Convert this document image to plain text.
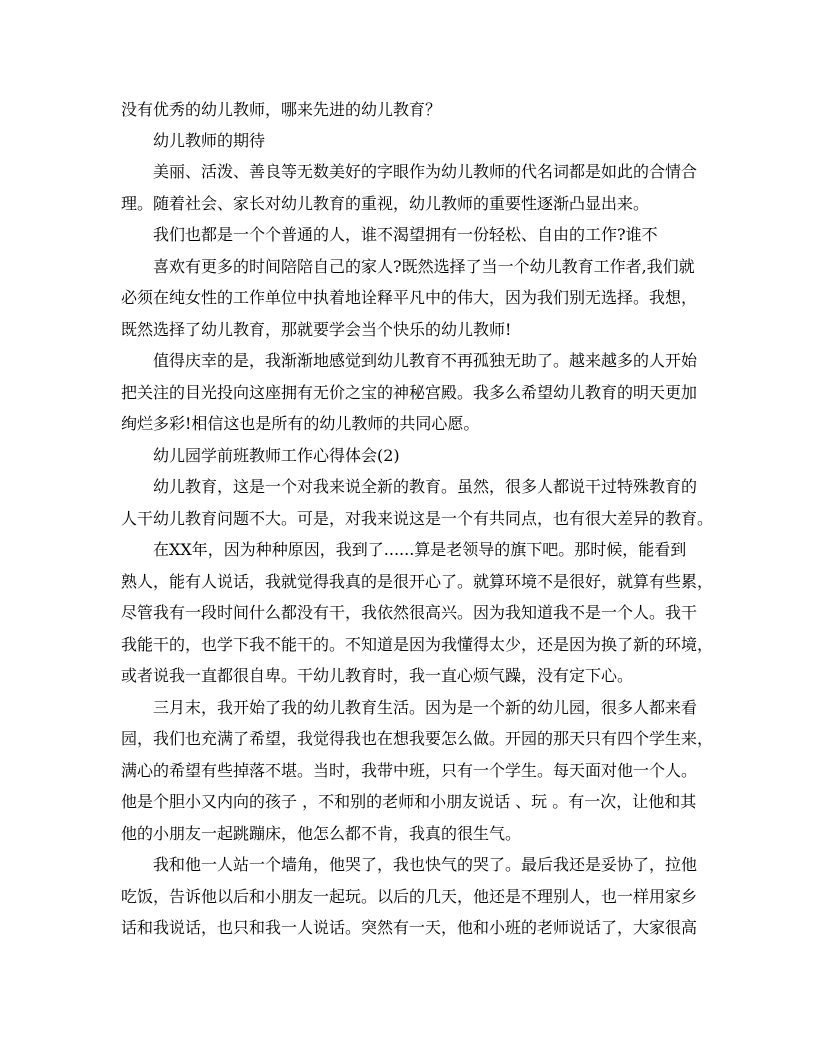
没有优秀的幼儿教师，哪来先进的幼儿教育？
幼儿教师的期待
美丽、活泼、善良等无数美好的字眼作为幼儿教师的代名词都是如此的合情合
理。随着社会、家长对幼儿教育的重视，幼儿教师的重要性逐渐凸显出来。
我们也都是一个个普通的人，谁不渴望拥有一份轻松、自由的工作?谁不
喜欢有更多的时间陪陪自己的家人?既然选择了当一个幼儿教育工作者,我们就
必须在纯女性的工作单位中执着地诠释平凡中的伟大，因为我们别无选择。我想，
既然选择了幼儿教育，那就要学会当个快乐的幼儿教师!
值得庆幸的是，我渐渐地感觉到幼儿教育不再孤独无助了。越来越多的人开始
把关注的目光投向这座拥有无价之宝的神秘宫殿。我多么希望幼儿教育的明天更加
绚烂多彩!相信这也是所有的幼儿教师的共同心愿。
幼儿园学前班教师工作心得体会(2)
幼儿教育，这是一个对我来说全新的教育。虽然，很多人都说干过特殊教育的
人干幼儿教育问题不大。可是，对我来说这是一个有共同点，也有很大差异的教育。
在XX年，因为种种原因，我到了......算是老领导的旗下吧。那时候，能看到
熟人，能有人说话，我就觉得我真的是很开心了。就算环境不是很好，就算有些累，
尽管我有一段时间什么都没有干，我依然很高兴。因为我知道我不是一个人。我干
我能干的，也学下我不能干的。不知道是因为我懂得太少，还是因为换了新的环境，
或者说我一直都很自卑。干幼儿教育时，我一直心烦气躁，没有定下心。
三月末，我开始了我的幼儿教育生活。因为是一个新的幼儿园，很多人都来看
园，我们也充满了希望，我觉得我也在想我要怎么做。开园的那天只有四个学生来，
满心的希望有些掉落不堪。当时，我带中班，只有一个学生。每天面对他一个人。
他是个胆小又内向的孩子 ，不和别的老师和小朋友说话 、玩 。有一次，让他和其
他的小朋友一起跳蹦床，他怎么都不肯，我真的很生气。
我和他一人站一个墙角，他哭了，我也快气的哭了。最后我还是妥协了，拉他
吃饭，告诉他以后和小朋友一起玩。以后的几天，他还是不理别人，也一样用家乡
话和我说话，也只和我一人说话。突然有一天，他和小班的老师说话了，大家很高
